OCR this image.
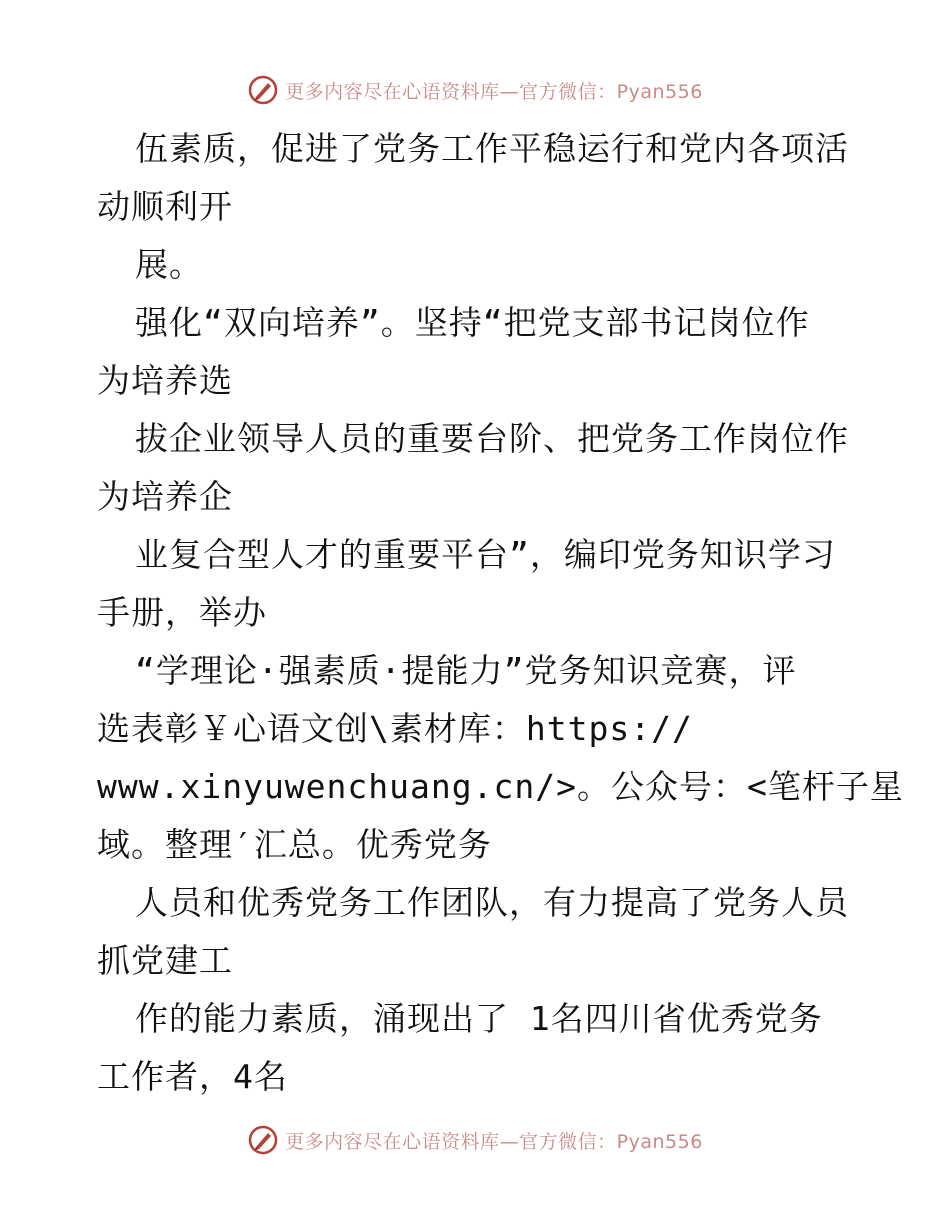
更多内容尽在心语资料库—官方微信：Pyan556
伍素质，促进了党务工作平稳运行和党内各项活
动顺利开
展。
强化“双向培养”。坚持“把党支部书记岗位作
为培养选
拔企业领导人员的重要台阶、把党务工作岗位作
为培养企
业复合型人才的重要平台”，编印党务知识学习
手册，举办
“学理论·强素质·提能力”党务知识竞赛，评
选表彰￥心语文创\素材库：https://
www.xinyuwenchuang.cn/>。公众号：<笔杆子星
域。整理′汇总。优秀党务
人员和优秀党务工作团队，有力提高了党务人员
抓党建工
作的能力素质，涌现出了 1名四川省优秀党务
工作者，4名
更多内容尽在心语资料库—官方微信：Pyan556
